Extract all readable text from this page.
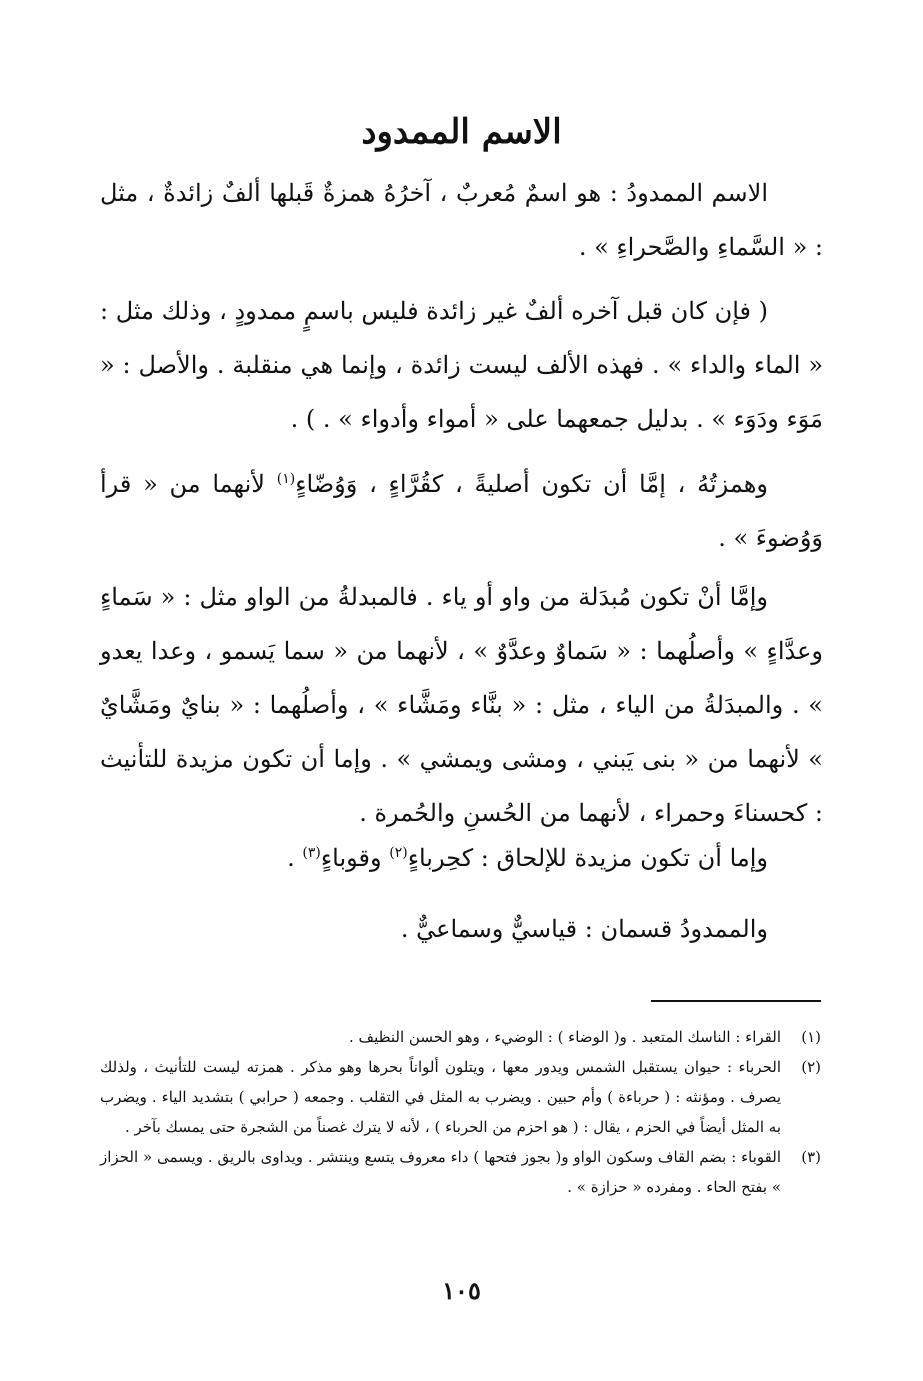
الاسم الممدود

الاسم الممدودُ : هو اسمٌ مُعربٌ ، آخرُهُ همزةٌ قَبلها ألفٌ زائدةٌ ، مثل : « السَّماءِ والصَّحراءِ » .

( فإن كان قبل آخره ألفٌ غير زائدة فليس باسمٍ ممدودٍ ، وذلك مثل : « الماء والداء » . فهذه الألف ليست زائدة ، وإنما هي منقلبة . والأصل : « مَوَء ودَوَء » . بدليل جمعهما على « أمواء وأدواء » . ) .

وهمزتُهُ ، إمَّا أن تكون أصليةً ، كقُرَّاءٍ ، وَوُضّاءٍ$^{(١)}$ لأنهما من « قرأ وَوُضوءَ » .

وإمَّا أنْ تكون مُبدَلة من واو أو ياء . فالمبدلةُ من الواو مثل : « سَماءٍ وعدَّاءٍ » وأصلُهما : « سَماوٌ وعدَّوٌ » ، لأنهما من « سما يَسمو ، وعدا يعدو » . والمبدَلةُ من الياء ، مثل : « بنَّاء ومَشَّاء » ، وأصلُهما : « بنايٌ ومَشَّايٌ » لأنهما من « بنى يَبني ، ومشى ويمشي » . وإما أن تكون مزيدة للتأنيث : كحسناءَ وحمراء ، لأنهما من الحُسنِ والحُمرة .

وإما أن تكون مزيدة للإلحاق : كحِرباءٍ$^{(٢)}$ وقوباءٍ$^{(٣)}$ .

والممدودُ قسمان : قياسيٌّ وسماعيٌّ .

(١)
القراء : الناسك المتعبد . و( الوضاء ) : الوضيء ، وهو الحسن النظيف .

(٢)
الحرباء : حيوان يستقبل الشمس ويدور معها ، ويتلون ألواناً بحرها وهو مذكر . همزته ليست للتأنيث ، ولذلك يصرف . ومؤنثه : ( حرباءة ) وأم حبين . ويضرب به المثل في التقلب . وجمعه ( حرابي ) بتشديد الياء . ويضرب به المثل أيضاً في الحزم ، يقال : ( هو احزم من الحرباء ) ، لأنه لا يترك غصناً من الشجرة حتى يمسك بآخر .

(٣)
القوباء : بضم القاف وسكون الواو و( بجوز فتحها ) داء معروف يتسع وينتشر . ويداوى بالريق . ويسمى « الحزاز » بفتح الحاء . ومفرده « حزازة » .

١٠٥
